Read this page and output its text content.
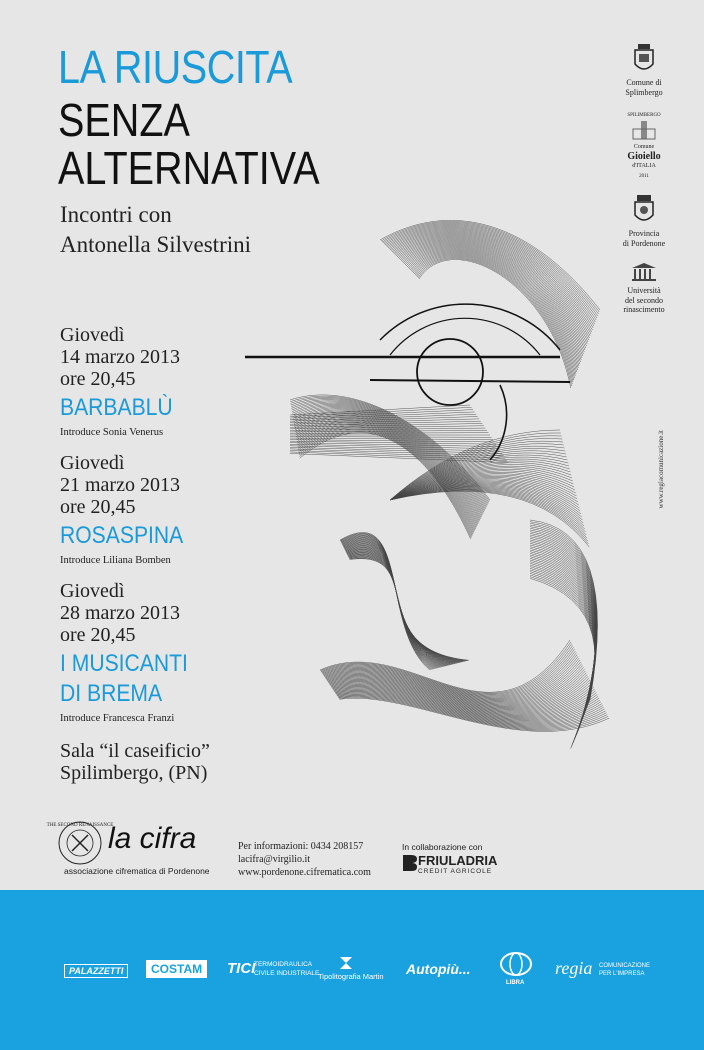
LA RIUSCITA
SENZA
ALTERNATIVA
Incontri con
Antonella Silvestrini
Giovedì
14 marzo 2013
ore 20,45
BARBABLÙ
Introduce Sonia Venerus
Giovedì
21 marzo 2013
ore 20,45
ROSASPINA
Introduce Liliana Bomben
Giovedì
28 marzo 2013
ore 20,45
I MUSICANTI
DI BREMA
Introduce Francesca Franzi
Sala “il caseificio”
Spilimbergo, (PN)
Comune di
Splimbergo
SPILIMBERGO
Comune
Gioiello
d'ITALIA
2011
Provincia
di Pordenone
Università
del secondo
rinascimento
www.regiacomunicazione.it
THE SECOND RENAISSANCE
la cifra
associazione cifrematica di Pordenone
Per informazioni: 0434 208157
lacifra@virgilio.it
www.pordenone.cifrematica.com
In collaborazione con
FRIULADRIA
CREDIT AGRICOLE
PALAZZETTI	COSTAM	TICI
TERMOIDRAULICA
CIVILE INDUSTRIALE
Tipolitografia Martin Autopiù...
LIBRA
regia COMUNICAZIONE
PER L'IMPRESA
